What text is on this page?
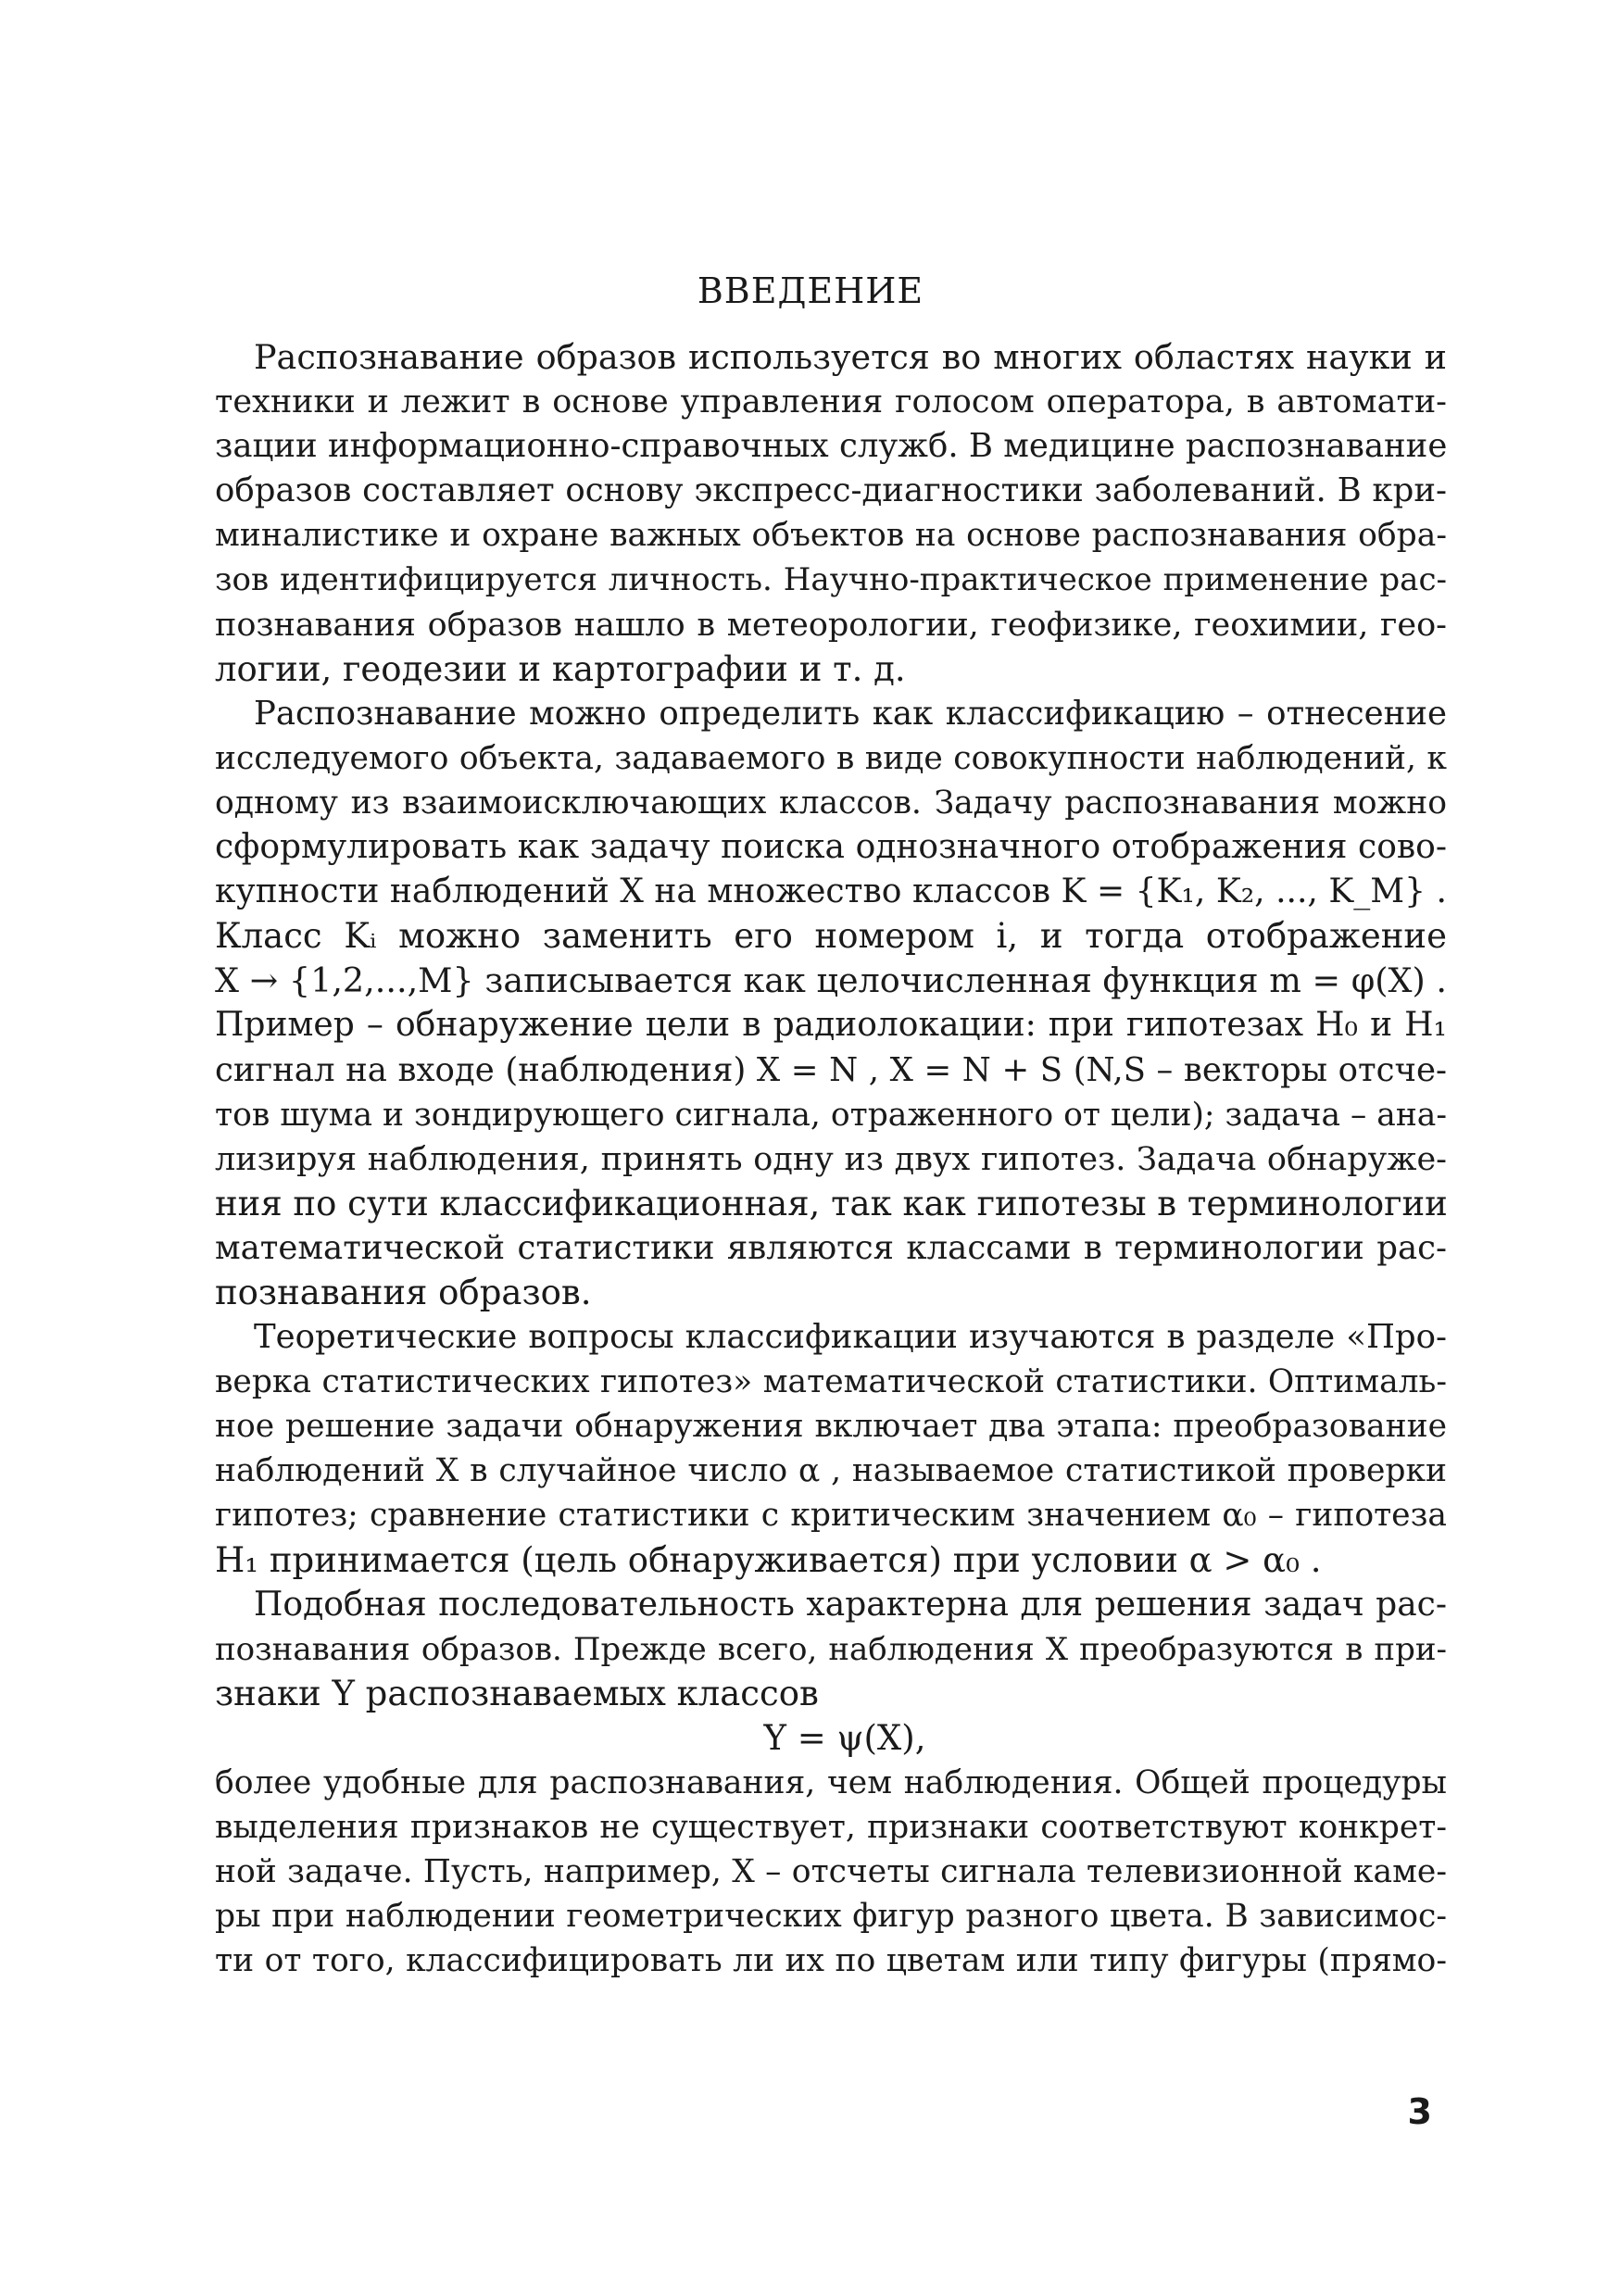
ВВЕДЕНИЕ
Распознавание образов используется во многих областях науки и
техники и лежит в основе управления голосом оператора, в автомати-
зации информационно-справочных служб. В медицине распознавание
образов составляет основу экспресс-диагностики заболеваний. В кри-
миналистике и охране важных объектов на основе распознавания обра-
зов идентифицируется личность. Научно-практическое применение рас-
познавания образов нашло в метеорологии, геофизике, геохимии, гео-
логии, геодезии и картографии и т. д.
Распознавание можно определить как классификацию – отнесение
исследуемого объекта, задаваемого в виде совокупности наблюдений, к
одному из взаимоисключающих классов. Задачу распознавания можно
сформулировать как задачу поиска однозначного отображения сово-
купности наблюдений X на множество классов K = {K₁, K₂, ..., K_M} .
Класс Kᵢ можно заменить его номером i, и тогда отображение
X → {1,2,...,M} записывается как целочисленная функция m = φ(X) .
Пример – обнаружение цели в радиолокации: при гипотезах H₀ и H₁
сигнал на входе (наблюдения) X = N , X = N + S (N,S – векторы отсче-
тов шума и зондирующего сигнала, отраженного от цели); задача – ана-
лизируя наблюдения, принять одну из двух гипотез. Задача обнаруже-
ния по сути классификационная, так как гипотезы в терминологии
математической статистики являются классами в терминологии рас-
познавания образов.
Теоретические вопросы классификации изучаются в разделе «Про-
верка статистических гипотез» математической статистики. Оптималь-
ное решение задачи обнаружения включает два этапа: преобразование
наблюдений X в случайное число α , называемое статистикой проверки
гипотез; сравнение статистики с критическим значением α₀ – гипотеза
H₁ принимается (цель обнаруживается) при условии α > α₀ .
Подобная последовательность характерна для решения задач рас-
познавания образов. Прежде всего, наблюдения X преобразуются в при-
знаки Y распознаваемых классов
Y = ψ(X),
более удобные для распознавания, чем наблюдения. Общей процедуры
выделения признаков не существует, признаки соответствуют конкрет-
ной задаче. Пусть, например, X – отсчеты сигнала телевизионной каме-
ры при наблюдении геометрических фигур разного цвета. В зависимос-
ти от того, классифицировать ли их по цветам или типу фигуры (прямо-
3
